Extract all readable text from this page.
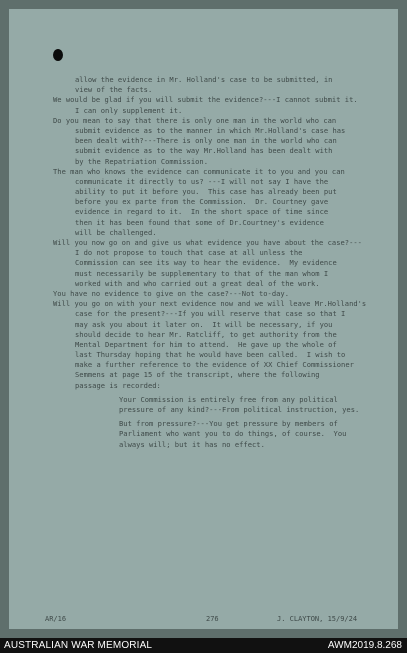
allow the evidence in Mr. Holland's case to be submitted, in
view of the facts.
We would be glad if you will submit the evidence?---I cannot submit it.
I can only supplement it.
Do you mean to say that there is only one man in the world who can
submit evidence as to the manner in which Mr.Holland's case has
been dealt with?---There is only one man in the world who can
submit evidence as to the way Mr.Holland has been dealt with
by the Repatriation Commission.
The man who knows the evidence can communicate it to you and you can
communicate it directly to us? ---I will not say I have the
ability to put it before you.  This case has already been put
before you ex parte from the Commission.  Dr. Courtney gave
evidence in regard to it.  In the short space of time since
then it has been found that some of Dr.Courtney's evidence
will be challenged.
Will you now go on and give us what evidence you have about the case?---
I do not propose to touch that case at all unless the
Commission can see its way to hear the evidence.  My evidence
must necessarily be supplementary to that of the man whom I
worked with and who carried out a great deal of the work.
You have no evidence to give on the case?---Not to-day.
Will you go on with your next evidence now and we will leave Mr.Holland's
case for the present?---If you will reserve that case so that I
may ask you about it later on.  It will be necessary, if you
should decide to hear Mr. Ratcliff, to get authority from the
Mental Department for him to attend.  He gave up the whole of
last Thursday hoping that he would have been called.  I wish to
make a further reference to the evidence of XX Chief Commissioner
Semmens at page 15 of the transcript, where the following
passage is recorded:
Your Commission is entirely free from any political
pressure of any kind?---From political instruction, yes.
But from pressure?---You get pressure by members of
Parliament who want you to do things, of course.  You
always will; but it has no effect.
AR/16	276	J. CLAYTON, 15/9/24
AUSTRALIAN WAR MEMORIAL	AWM2019.8.268
